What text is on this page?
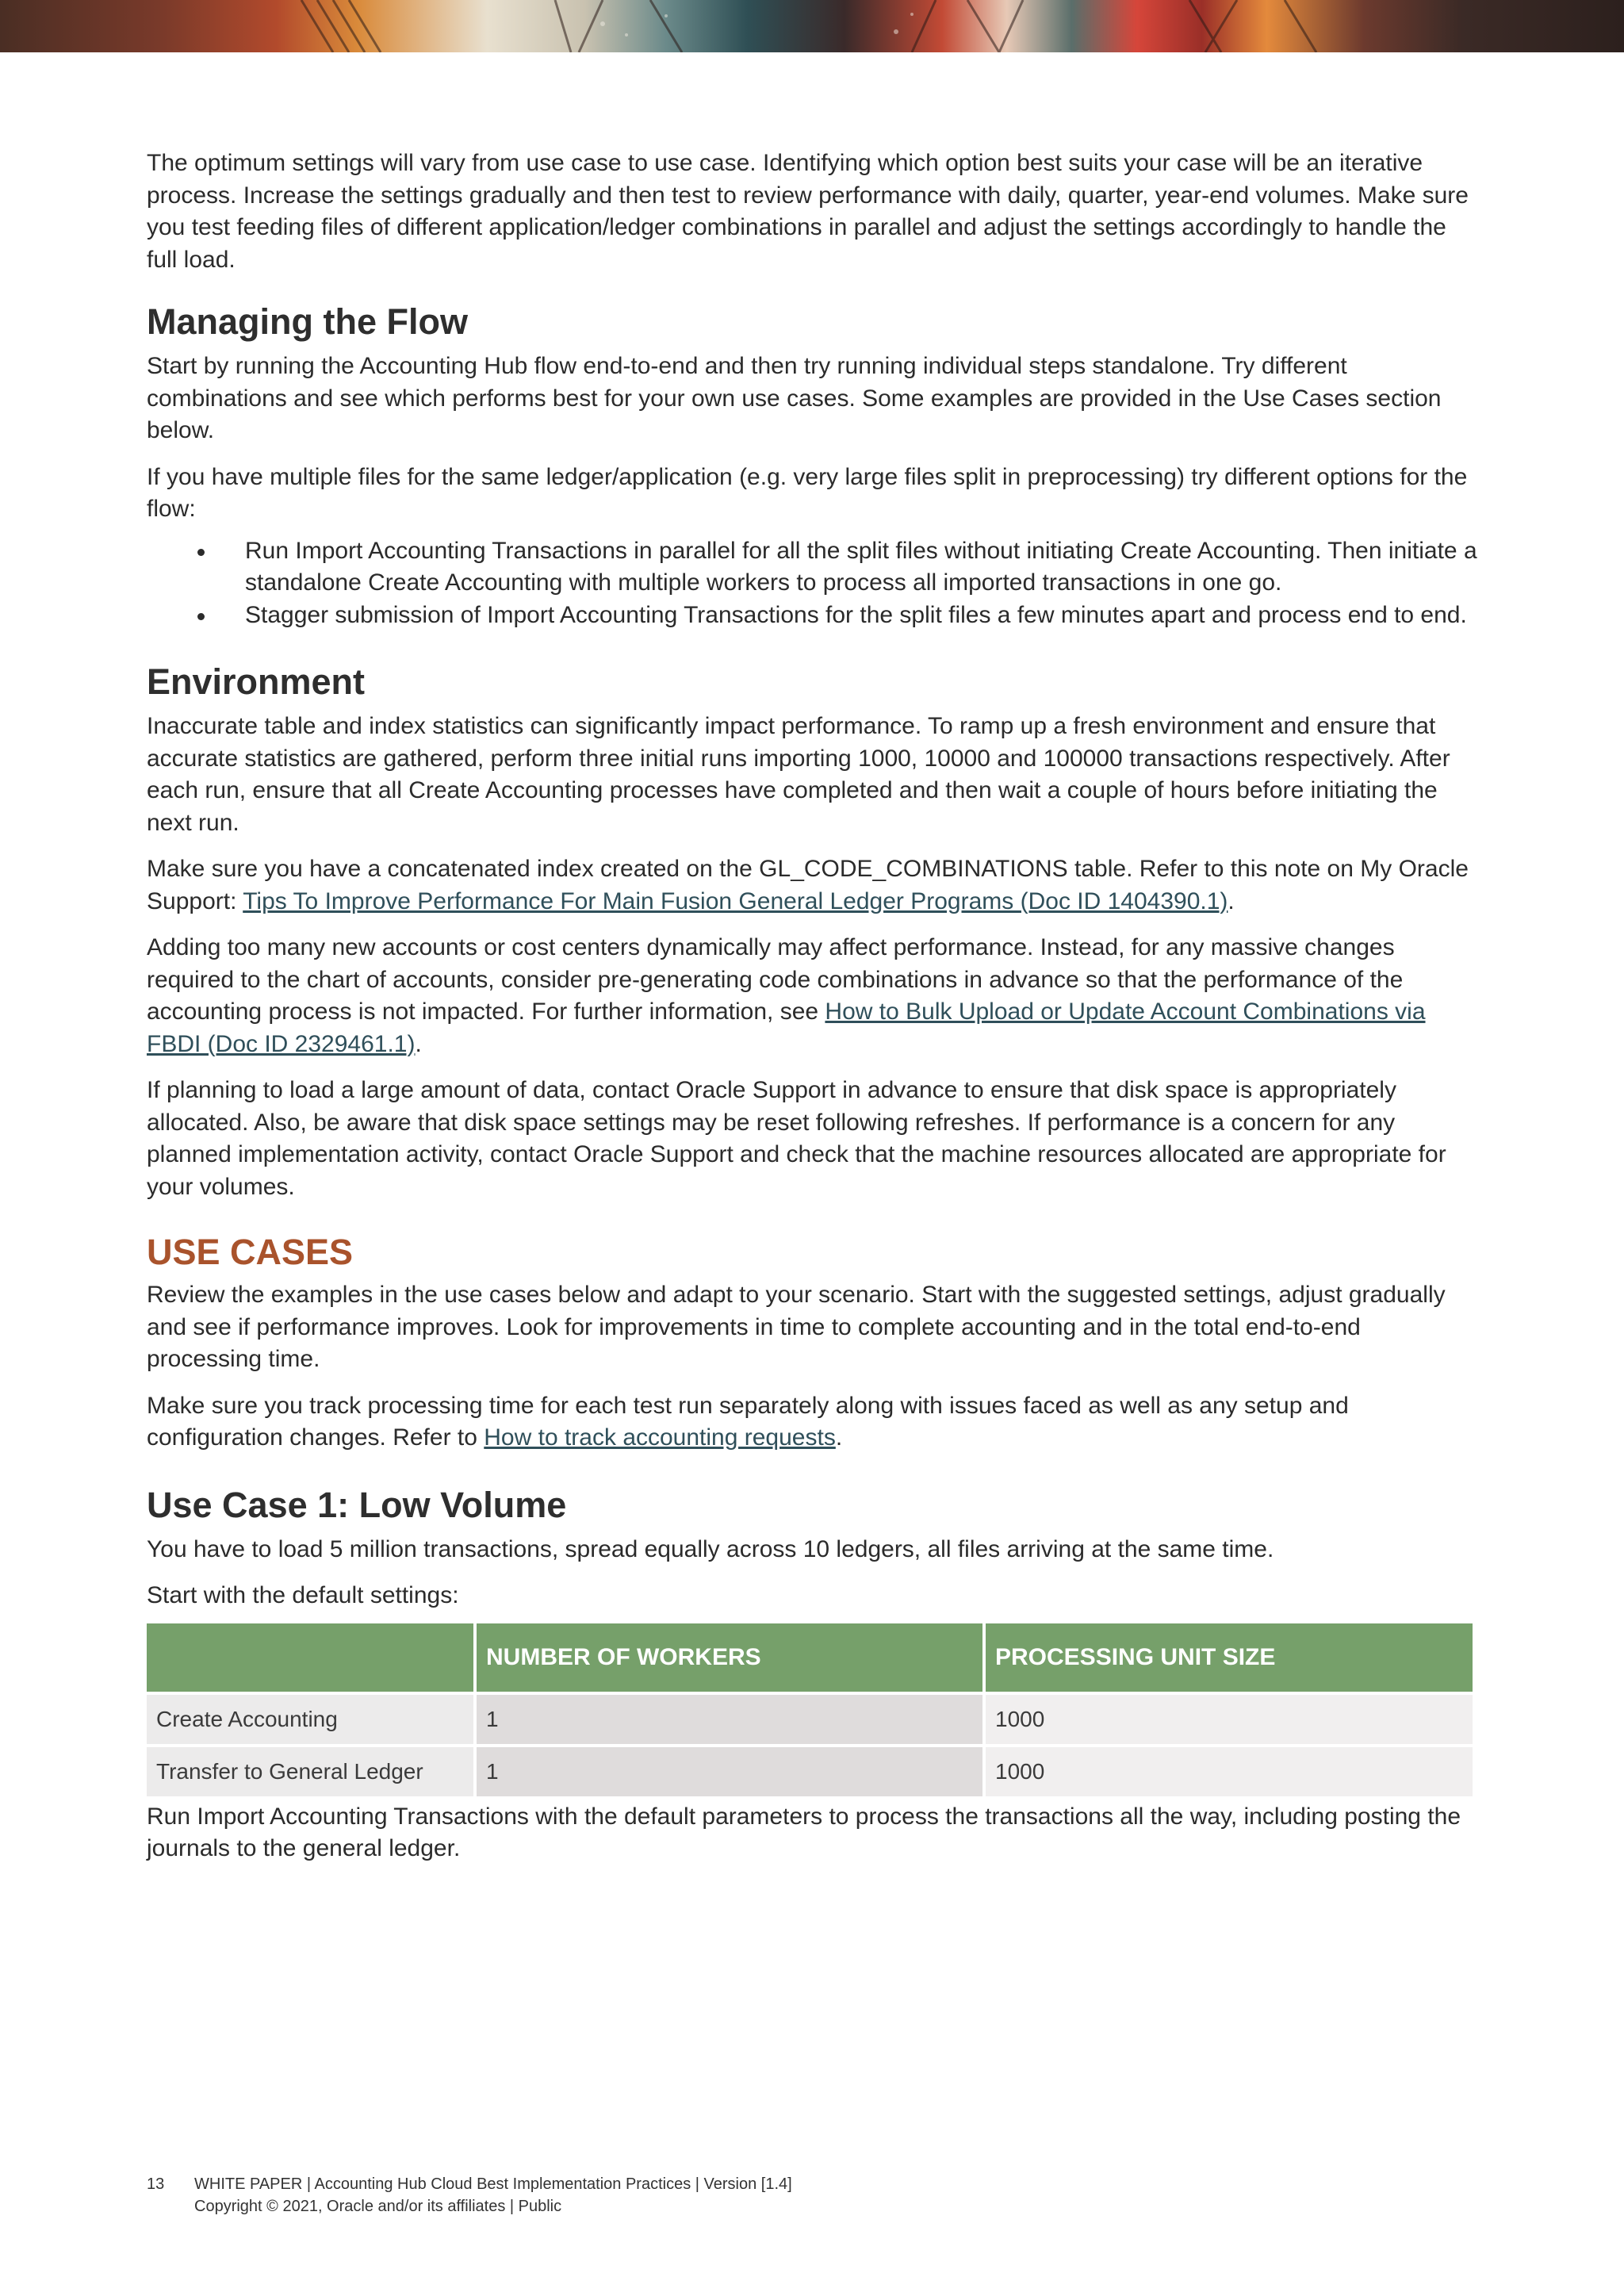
The optimum settings will vary from use case to use case. Identifying which option best suits your case will be an iterative process. Increase the settings gradually and then test to review performance with daily, quarter, year-end volumes. Make sure you test feeding files of different application/ledger combinations in parallel and adjust the settings accordingly to handle the full load.

Managing the Flow

Start by running the Accounting Hub flow end-to-end and then try running individual steps standalone. Try different combinations and see which performs best for your own use cases. Some examples are provided in the Use Cases section below.

If you have multiple files for the same ledger/application (e.g. very large files split in preprocessing) try different options for the flow:

Run Import Accounting Transactions in parallel for all the split files without initiating Create Accounting. Then initiate a standalone Create Accounting with multiple workers to process all imported transactions in one go.
Stagger submission of Import Accounting Transactions for the split files a few minutes apart and process end to end.
Environment

Inaccurate table and index statistics can significantly impact performance. To ramp up a fresh environment and ensure that accurate statistics are gathered, perform three initial runs importing 1000, 10000 and 100000 transactions respectively. After each run, ensure that all Create Accounting processes have completed and then wait a couple of hours before initiating the next run.

Make sure you have a concatenated index created on the GL_CODE_COMBINATIONS table. Refer to this note on My Oracle Support: Tips To Improve Performance For Main Fusion General Ledger Programs (Doc ID 1404390.1).

Adding too many new accounts or cost centers dynamically may affect performance. Instead, for any massive changes required to the chart of accounts, consider pre-generating code combinations in advance so that the performance of the accounting process is not impacted. For further information, see How to Bulk Upload or Update Account Combinations via FBDI (Doc ID 2329461.1).

If planning to load a large amount of data, contact Oracle Support in advance to ensure that disk space is appropriately allocated. Also, be aware that disk space settings may be reset following refreshes. If performance is a concern for any planned implementation activity, contact Oracle Support and check that the machine resources allocated are appropriate for your volumes.

USE CASES

Review the examples in the use cases below and adapt to your scenario. Start with the suggested settings, adjust gradually and see if performance improves. Look for improvements in time to complete accounting and in the total end-to-end processing time.

Make sure you track processing time for each test run separately along with issues faced as well as any setup and configuration changes. Refer to How to track accounting requests.

Use Case 1: Low Volume

You have to load 5 million transactions, spread equally across 10 ledgers, all files arriving at the same time.

Start with the default settings:

	NUMBER OF WORKERS	PROCESSING UNIT SIZE
Create Accounting	1	1000
Transfer to General Ledger	1	1000

Run Import Accounting Transactions with the default parameters to process the transactions all the way, including posting the journals to the general ledger.

13	WHITE PAPER | Accounting Hub Cloud Best Implementation Practices | Version [1.4]
Copyright © 2021, Oracle and/or its affiliates | Public
